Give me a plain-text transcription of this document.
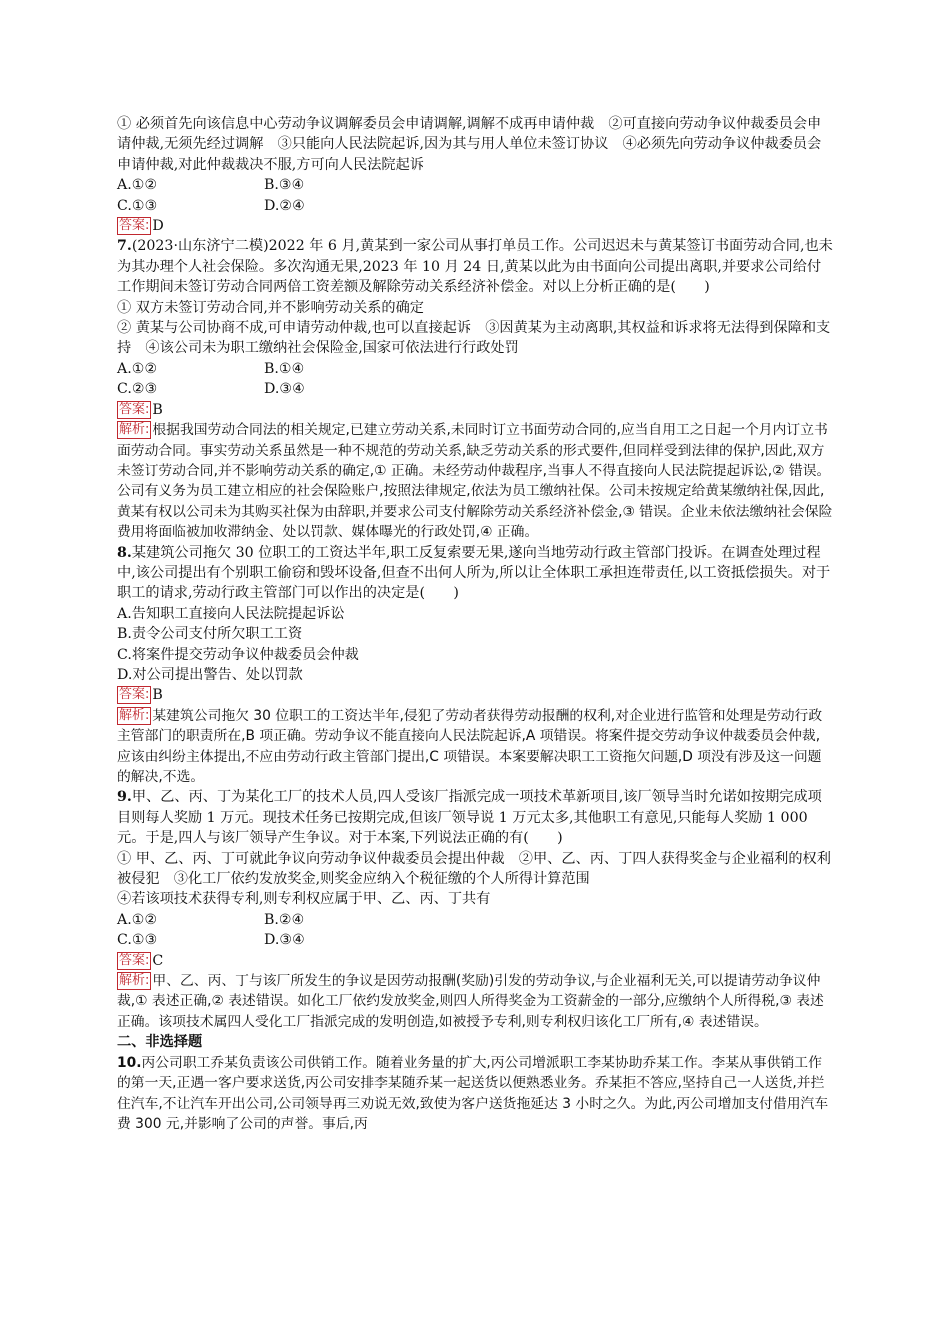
① 必须首先向该信息中心劳动争议调解委员会申请调解,调解不成再申请仲裁　②可直接向劳动争议仲裁委员会申请仲裁,无须先经过调解　③只能向人民法院起诉,因为其与用人单位未签订协议　④必须先向劳动争议仲裁委员会申请仲裁,对此仲裁裁决不服,方可向人民法院起诉

A.①②	B.③④
C.①③	D.②④

答案: D

7.(2023·山东济宁二模)2022 年 6 月,黄某到一家公司从事打单员工作。公司迟迟未与黄某签订书面劳动合同,也未为其办理个人社会保险。多次沟通无果,2023 年 10 月 24 日,黄某以此为由书面向公司提出离职,并要求公司给付工作期间未签订劳动合同两倍工资差额及解除劳动关系经济补偿金。对以上分析正确的是(　　)

① 双方未签订劳动合同,并不影响劳动关系的确定

② 黄某与公司协商不成,可申请劳动仲裁,也可以直接起诉　③因黄某为主动离职,其权益和诉求将无法得到保障和支持　④该公司未为职工缴纳社会保险金,国家可依法进行行政处罚

A.①②	B.①④
C.②③	D.③④

答案: B

解析: 根据我国劳动合同法的相关规定,已建立劳动关系,未同时订立书面劳动合同的,应当自用工之日起一个月内订立书面劳动合同。事实劳动关系虽然是一种不规范的劳动关系,缺乏劳动关系的形式要件,但同样受到法律的保护,因此,双方未签订劳动合同,并不影响劳动关系的确定,① 正确。未经劳动仲裁程序,当事人不得直接向人民法院提起诉讼,② 错误。公司有义务为员工建立相应的社会保险账户,按照法律规定,依法为员工缴纳社保。公司未按规定给黄某缴纳社保,因此,黄某有权以公司未为其购买社保为由辞职,并要求公司支付解除劳动关系经济补偿金,③ 错误。企业未依法缴纳社会保险费用将面临被加收滞纳金、处以罚款、媒体曝光的行政处罚,④ 正确。

8.某建筑公司拖欠 30 位职工的工资达半年,职工反复索要无果,遂向当地劳动行政主管部门投诉。在调查处理过程中,该公司提出有个别职工偷窃和毁坏设备,但查不出何人所为,所以让全体职工承担连带责任,以工资抵偿损失。对于职工的请求,劳动行政主管部门可以作出的决定是(　　)

A.告知职工直接向人民法院提起诉讼

B.责令公司支付所欠职工工资

C.将案件提交劳动争议仲裁委员会仲裁

D.对公司提出警告、处以罚款

答案: B

解析: 某建筑公司拖欠 30 位职工的工资达半年,侵犯了劳动者获得劳动报酬的权利,对企业进行监管和处理是劳动行政主管部门的职责所在,B 项正确。劳动争议不能直接向人民法院起诉,A 项错误。将案件提交劳动争议仲裁委员会仲裁,应该由纠纷主体提出,不应由劳动行政主管部门提出,C 项错误。本案要解决职工工资拖欠问题,D 项没有涉及这一问题的解决,不选。

9.甲、乙、丙、丁为某化工厂的技术人员,四人受该厂指派完成一项技术革新项目,该厂领导当时允诺如按期完成项目则每人奖励 1 万元。现技术任务已按期完成,但该厂领导说 1 万元太多,其他职工有意见,只能每人奖励 1 000 元。于是,四人与该厂领导产生争议。对于本案,下列说法正确的有(　　)

① 甲、乙、丙、丁可就此争议向劳动争议仲裁委员会提出仲裁　②甲、乙、丙、丁四人获得奖金与企业福利的权利被侵犯　③化工厂依约发放奖金,则奖金应纳入个税征缴的个人所得计算范围

④若该项技术获得专利,则专利权应属于甲、乙、丙、丁共有

A.①②	B.②④
C.①③	D.③④

答案: C

解析: 甲、乙、丙、丁与该厂所发生的争议是因劳动报酬(奖励)引发的劳动争议,与企业福利无关,可以提请劳动争议仲裁,① 表述正确,② 表述错误。如化工厂依约发放奖金,则四人所得奖金为工资薪金的一部分,应缴纳个人所得税,③ 表述正确。该项技术属四人受化工厂指派完成的发明创造,如被授予专利,则专利权归该化工厂所有,④ 表述错误。

二、非选择题

10.丙公司职工乔某负责该公司供销工作。随着业务量的扩大,丙公司增派职工李某协助乔某工作。李某从事供销工作的第一天,正遇一客户要求送货,丙公司安排李某随乔某一起送货以便熟悉业务。乔某拒不答应,坚持自己一人送货,并拦住汽车,不让汽车开出公司,公司领导再三劝说无效,致使为客户送货拖延达 3 小时之久。为此,丙公司增加支付借用汽车费 300 元,并影响了公司的声誉。事后,丙
